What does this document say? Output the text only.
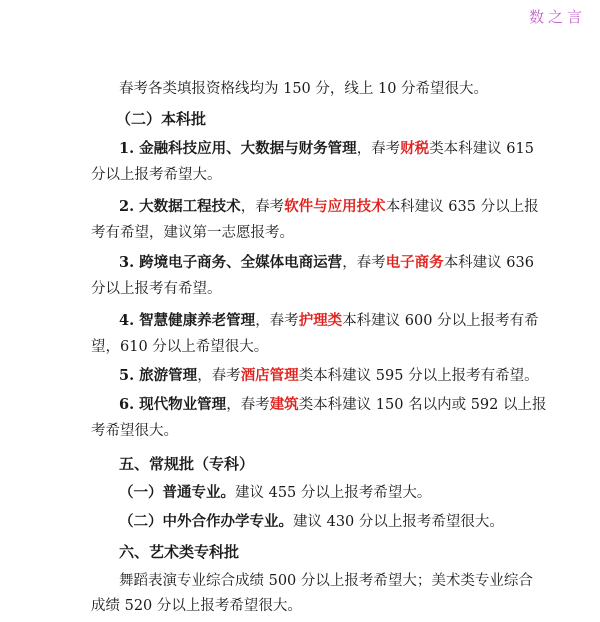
数之言
春考各类填报资格线均为 150 分，线上 10 分希望很大。
（二）本科批
1. 金融科技应用、大数据与财务管理，春考财税类本科建议 615
分以上报考希望大。
2. 大数据工程技术，春考软件与应用技术本科建议 635 分以上报
考有希望，建议第一志愿报考。
3. 跨境电子商务、全媒体电商运营，春考电子商务本科建议 636
分以上报考有希望。
4. 智慧健康养老管理，春考护理类本科建议 600 分以上报考有希
望，610 分以上希望很大。
5. 旅游管理，春考酒店管理类本科建议 595 分以上报考有希望。
6. 现代物业管理，春考建筑类本科建议 150 名以内或 592 以上报
考希望很大。
五、常规批（专科）
（一）普通专业。建议 455 分以上报考希望大。
（二）中外合作办学专业。建议 430 分以上报考希望很大。
六、艺术类专科批
舞蹈表演专业综合成绩 500 分以上报考希望大；美术类专业综合
成绩 520 分以上报考希望很大。
